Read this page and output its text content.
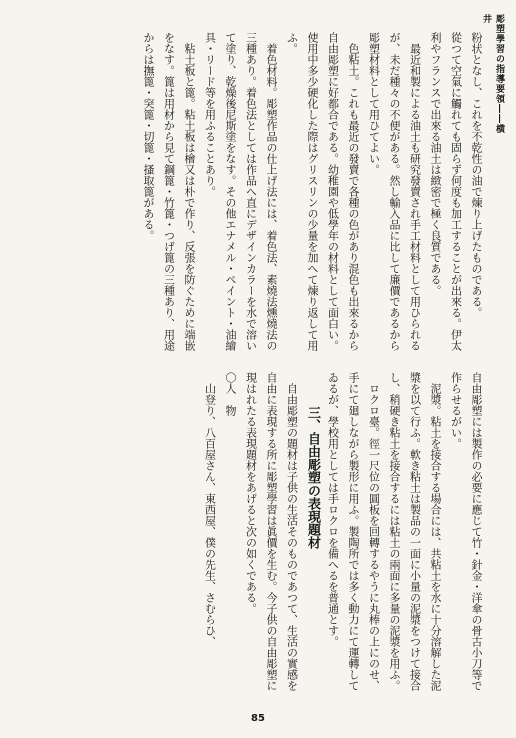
彫塑學習の指導要領――横井

粉状となし、これを不乾性の油で煉り上げたものである。

從つて空氣に觸れても固らず何度も加工することが出來る。伊太利やフランスで出來る油土は緻密で極く良質である。

最近和製による油土も研究發賣され手工材料として用ひられるが、未だ種々の不便がある。然し輸入品に比して廉價であるから彫塑材料として用ひてよい。

色粘土。これも最近の發賣で各種の色があり混色も出來るから自由彫塑に好都合である。幼稚園や低學年の材料として面白い。使用中多少硬化した際はグリスリンの少量を加へて煉り返して用ふ。

着色材料。彫塑作品の仕上げ法には、着色法、素燒法燻燒法の三種あり。着色法としては作品へ直にデザインカラーを水で溶いて塗り、乾燥後尼斯塗をなす。その他エナメル・ペイント・油繪具・リード等を用ふることあり。

粘土板と篦。粘土板は檜又は朴で作り、反張を防ぐために端嵌をなす。篦は用材から見て鋼篦・竹篦・つげ篦の三種あり、用途からは撫篦・突篦・切篦・搔取篦がある。

自由彫塑には製作の必要に應じて竹・針金・洋傘の骨古小刀等で作らせるがい。

泥漿。粘土を接合する場合には、共粘土を水に十分溶解した泥漿を以て行ふ。軟き粘土は製品の一面に小量の泥漿をつけて接合し、稍硬き粘土を接合するには粘土の兩面に多量の泥漿を用ふ。

ロクロ臺。徑一尺位の圓板を回轉するやうに丸棒の上にのせ、手にて廻しながら製形に用ふ。製陶所では多く動力にて運轉してゐるが、學校用としては手ロクロを備へるを普通とす。

三、自由彫塑の表現題材

自由彫塑の題材は子供の生活そのものであつて、生活の實感を自由に表現する所に彫塑學習は眞價を生む。今子供の自由彫塑に現はれたる表現題材をあげると次の如くである。

〇人　物

山登り、八百屋さん、東西屋、僕の先生、さむらひ、

85
